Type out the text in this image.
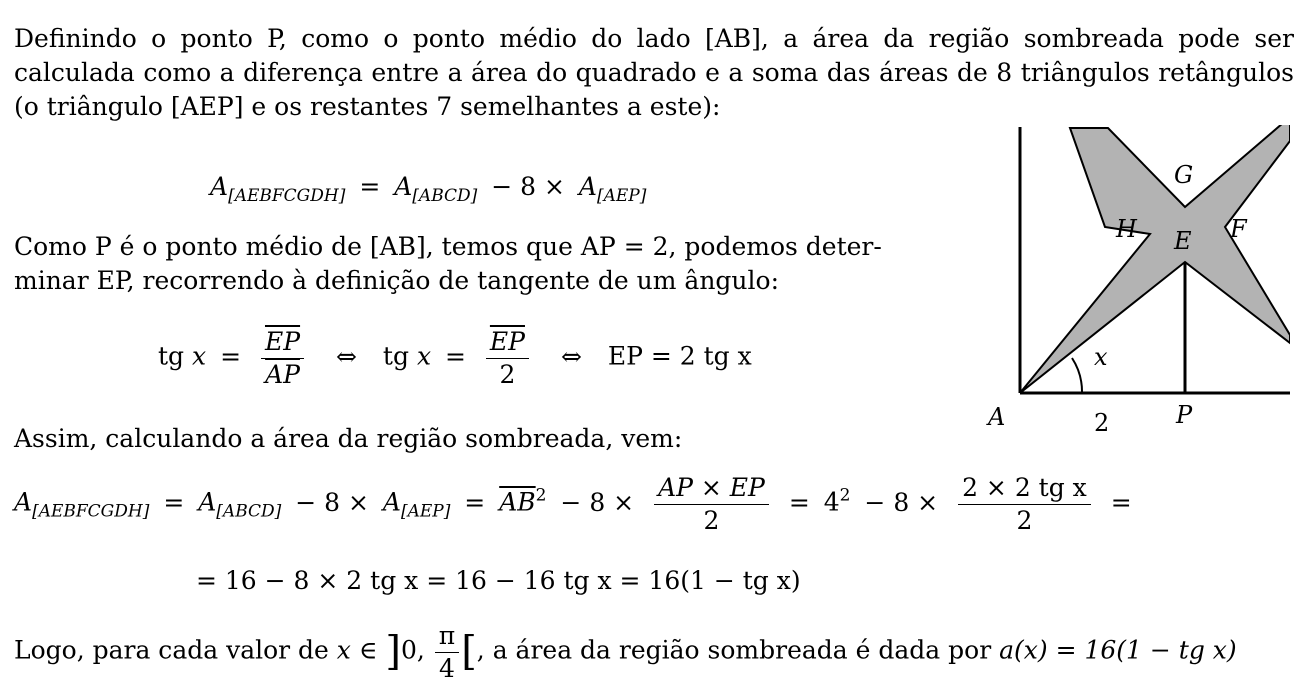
Definindo o ponto P, como o ponto médio do lado [AB], a área da região sombreada pode ser calculada como a diferença entre a área do quadrado e a soma das áreas de 8 triângulos retângulos (o triângulo [AEP] e os restantes 7 semelhantes a este):
$A_{[AEBFCGDH]} = A_{[ABCD]} - 8 \times A_{[AEP]}$
Como P é o ponto médio de [AB], temos que AP = 2, podemos deter-
minar EP, recorrendo à definição de tangente de um ângulo:
tg $x = \frac{\overline{EP}}{AP}$ ⇔ tg $x = \frac{\overline{EP}}{2}$ ⇔ EP = 2 tg x
Assim, calculando a área da região sombreada, vem:
$A_{[AEBFCGDH]} = A_{[ABCD]} - 8 \times A_{[AEP]} = \overline{AB}^2 - 8 \times \frac{AP \times EP}{2} = 4^2 - 8 \times \frac{\text{2 × 2 tg x}}{2}$ =
= 16 − 8 × 2 tg x = 16 − 16 tg x = 16(1 − tg x)
Logo, para cada valor de x ∈ ]0, $\frac{\pi}{4}$ [, a área da região sombreada é dada por a(x) = 16(1 − tg x)
A	2	P
x
E
H	F
G
